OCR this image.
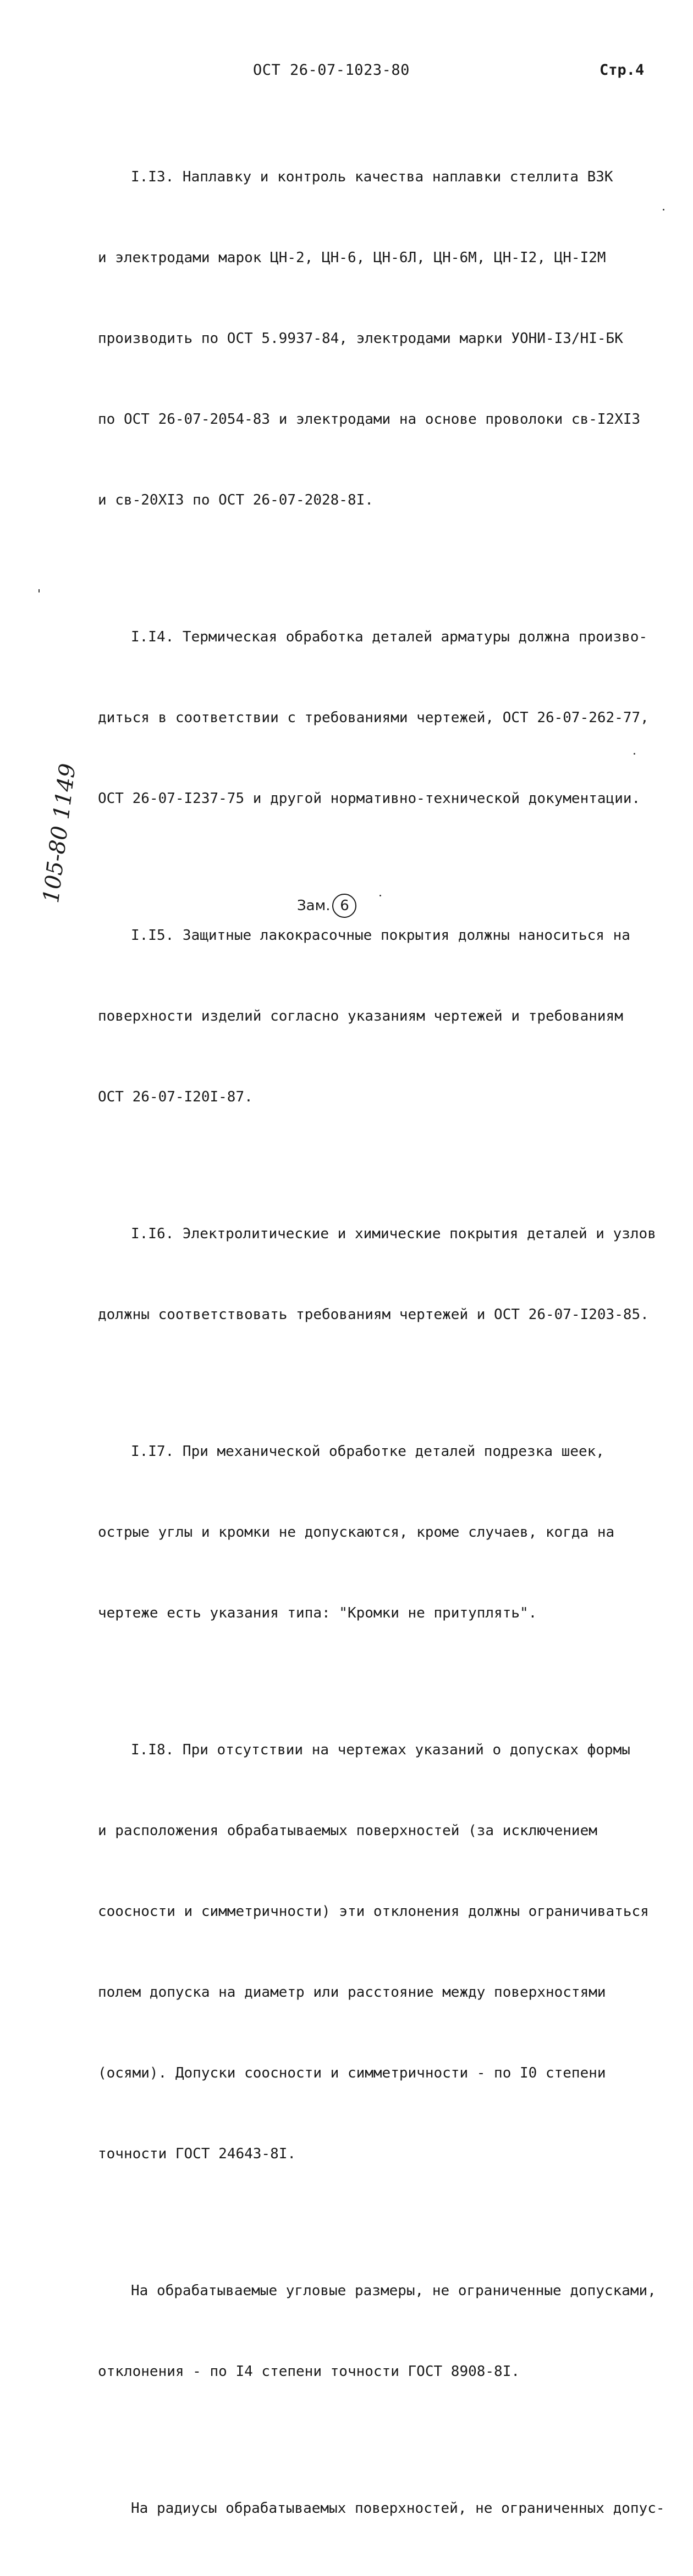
ОСТ 26-07-1023-80	Стр.4

I.I3. Наплавку и контроль качества наплавки стеллита ВЗК

и электродами марок ЦН-2, ЦН-6, ЦН-6Л, ЦН-6М, ЦН-I2, ЦН-I2М

производить по ОСТ 5.9937-84, электродами марки УОНИ-I3/НI-БК

по ОСТ 26-07-2054-83 и электродами на основе проволоки св-I2XI3

и св-20XI3 по ОСТ 26-07-2028-8I.

I.I4. Термическая обработка деталей арматуры должна произво-

диться в соответствии с требованиями чертежей, ОСТ 26-07-262-77,

ОСТ 26-07-I237-75 и другой нормативно-технической документации.

I.I5. Защитные лакокрасочные покрытия должны наноситься на

поверхности изделий согласно указаниям чертежей и требованиям

ОСТ 26-07-I20I-87.

I.I6. Электролитические и химические покрытия деталей и узлов

должны соответствовать требованиям чертежей и ОСТ 26-07-I203-85.

I.I7. При механической обработке деталей подрезка шеек,

острые углы и кромки не допускаются, кроме случаев, когда на

чертеже есть указания типа: "Кромки не притуплять".

I.I8. При отсутствии на чертежах указаний о допусках формы

и расположения обрабатываемых поверхностей (за исключением

соосности и симметричности) эти отклонения должны ограничиваться

полем допуска на диаметр или расстояние между поверхностями

(осями). Допуски соосности и симметричности - по I0 степени

точности ГОСТ 24643-8I.

На обрабатываемые угловые размеры, не ограниченные допусками,

отклонения - по I4 степени точности ГОСТ 8908-8I.

На радиусы обрабатываемых поверхностей, не ограниченных допус-

Зам. 6
105-80 1149
